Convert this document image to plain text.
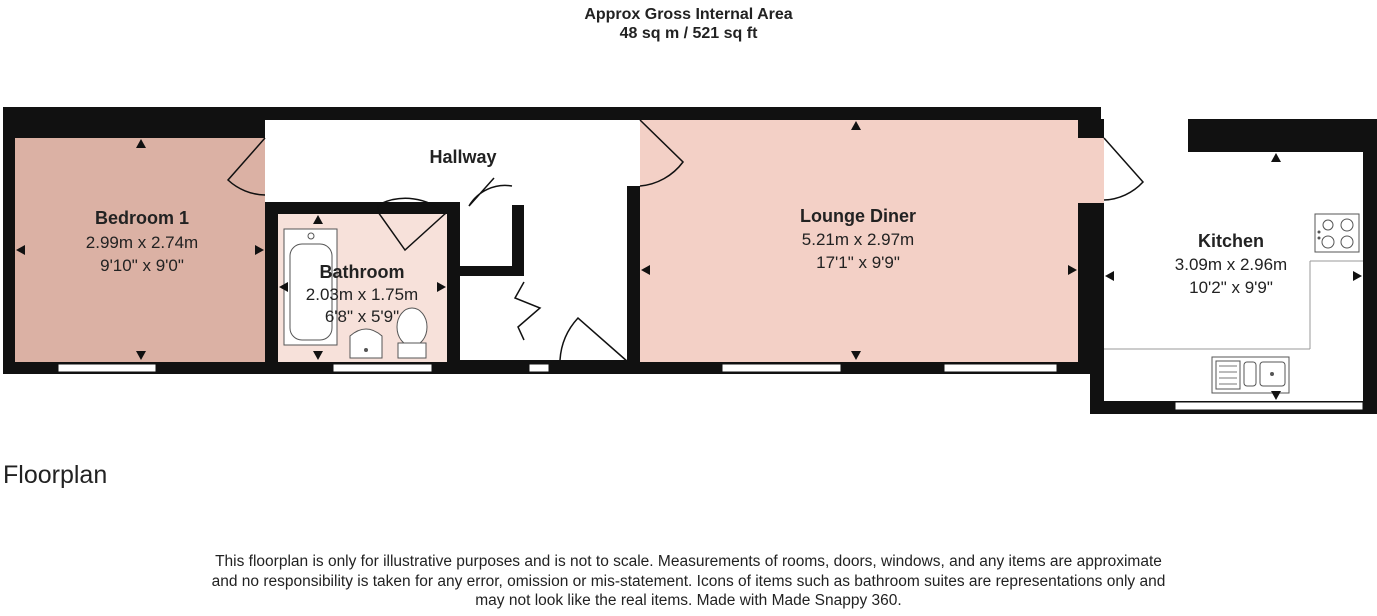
Approx Gross Internal Area
48 sq m / 521 sq ft
Bedroom 1
2.99m x 2.74m
9'10" x 9'0"
Hallway
Bathroom
2.03m x 1.75m
6'8" x 5'9"
Lounge Diner
5.21m x 2.97m
17'1" x 9'9"
Kitchen
3.09m x 2.96m
10'2" x 9'9"
Floorplan
This floorplan is only for illustrative purposes and is not to scale. Measurements of rooms, doors, windows, and any items are approximate
and no responsibility is taken for any error, omission or mis-statement. Icons of items such as bathroom suites are representations only and
may not look like the real items. Made with Made Snappy 360.
